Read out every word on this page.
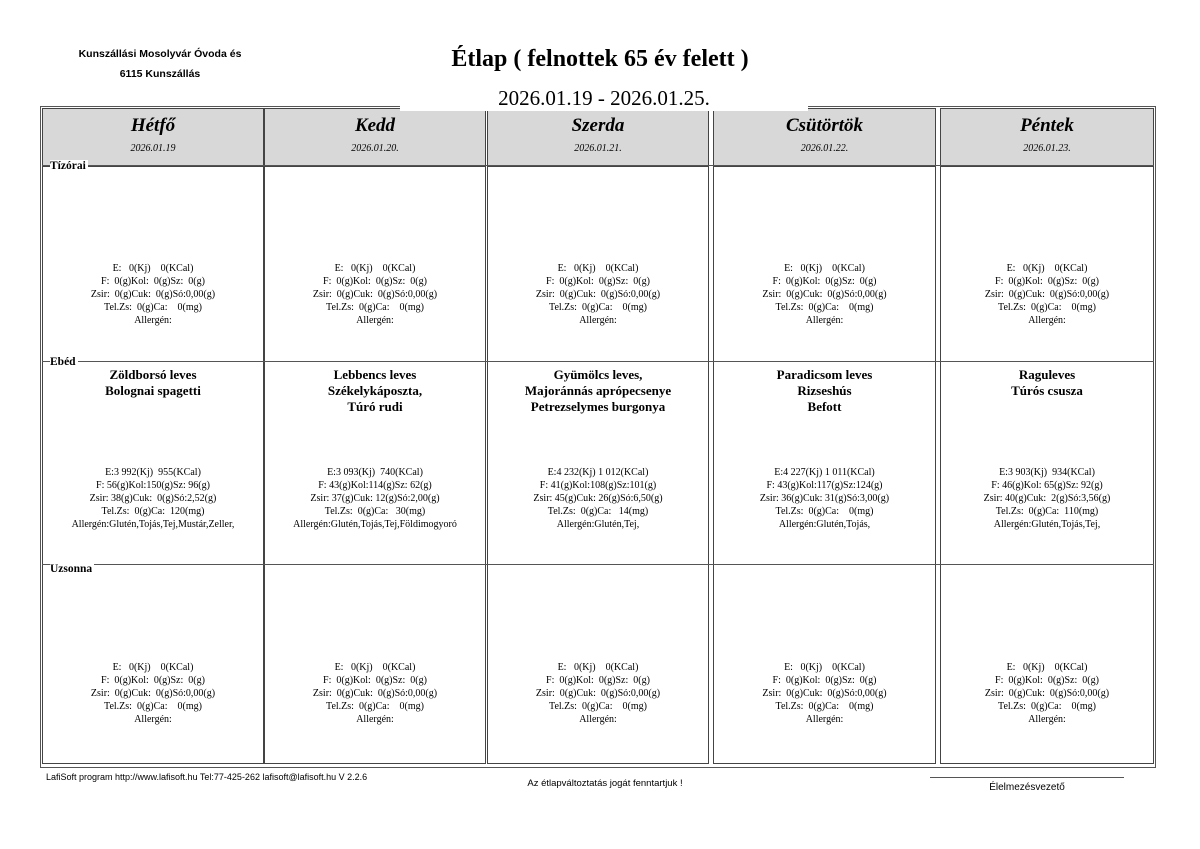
Kunszállási Mosolyvár Óvoda és
6115 Kunszállás
Étlap ( felnottek 65 év felett )
2026.01.19 - 2026.01.25.
Hétfő
2026.01.19
Kedd
2026.01.20.
Szerda
2026.01.21.
Csütörtök
2026.01.22.
Péntek
2026.01.23.
Tízórai
Ebéd
Uzsonna
LafiSoft program http://www.lafisoft.hu Tel:77-425-262 lafisoft@lafisoft.hu V 2.2.6
Az étlapváltoztatás jogát fenntartjuk !	Élelmezésvezető
E:   0(Kj)    0(KCal)
F:  0(g)Kol:  0(g)Sz:  0(g)
Zsir:  0(g)Cuk:  0(g)Só:0,00(g)
Tel.Zs:  0(g)Ca:    0(mg)
Allergén:
Zöldborsó leves
Bolognai spagetti
E:3 992(Kj)  955(KCal)
F: 56(g)Kol:150(g)Sz: 96(g)
Zsir: 38(g)Cuk:  0(g)Só:2,52(g)
Tel.Zs:  0(g)Ca:  120(mg)
Allergén:Glutén,Tojás,Tej,Mustár,Zeller,
E:   0(Kj)    0(KCal)
F:  0(g)Kol:  0(g)Sz:  0(g)
Zsir:  0(g)Cuk:  0(g)Só:0,00(g)
Tel.Zs:  0(g)Ca:    0(mg)
Allergén:
E:   0(Kj)    0(KCal)
F:  0(g)Kol:  0(g)Sz:  0(g)
Zsir:  0(g)Cuk:  0(g)Só:0,00(g)
Tel.Zs:  0(g)Ca:    0(mg)
Allergén:
Lebbencs leves
Székelykáposzta,
Túró rudi
E:3 093(Kj)  740(KCal)
F: 43(g)Kol:114(g)Sz: 62(g)
Zsir: 37(g)Cuk: 12(g)Só:2,00(g)
Tel.Zs:  0(g)Ca:   30(mg)
Allergén:Glutén,Tojás,Tej,Földimogyoró
E:   0(Kj)    0(KCal)
F:  0(g)Kol:  0(g)Sz:  0(g)
Zsir:  0(g)Cuk:  0(g)Só:0,00(g)
Tel.Zs:  0(g)Ca:    0(mg)
Allergén:
E:   0(Kj)    0(KCal)
F:  0(g)Kol:  0(g)Sz:  0(g)
Zsir:  0(g)Cuk:  0(g)Só:0,00(g)
Tel.Zs:  0(g)Ca:    0(mg)
Allergén:
Gyümölcs leves,
Majoránnás aprópecsenye
Petrezselymes burgonya
E:4 232(Kj) 1 012(KCal)
F: 41(g)Kol:108(g)Sz:101(g)
Zsir: 45(g)Cuk: 26(g)Só:6,50(g)
Tel.Zs:  0(g)Ca:   14(mg)
Allergén:Glutén,Tej,
E:   0(Kj)    0(KCal)
F:  0(g)Kol:  0(g)Sz:  0(g)
Zsir:  0(g)Cuk:  0(g)Só:0,00(g)
Tel.Zs:  0(g)Ca:    0(mg)
Allergén:
E:   0(Kj)    0(KCal)
F:  0(g)Kol:  0(g)Sz:  0(g)
Zsir:  0(g)Cuk:  0(g)Só:0,00(g)
Tel.Zs:  0(g)Ca:    0(mg)
Allergén:
Paradicsom leves
Rizseshús
Befott
E:4 227(Kj) 1 011(KCal)
F: 43(g)Kol:117(g)Sz:124(g)
Zsir: 36(g)Cuk: 31(g)Só:3,00(g)
Tel.Zs:  0(g)Ca:    0(mg)
Allergén:Glutén,Tojás,
E:   0(Kj)    0(KCal)
F:  0(g)Kol:  0(g)Sz:  0(g)
Zsir:  0(g)Cuk:  0(g)Só:0,00(g)
Tel.Zs:  0(g)Ca:    0(mg)
Allergén:
E:   0(Kj)    0(KCal)
F:  0(g)Kol:  0(g)Sz:  0(g)
Zsir:  0(g)Cuk:  0(g)Só:0,00(g)
Tel.Zs:  0(g)Ca:    0(mg)
Allergén:
Raguleves
Túrós csusza
E:3 903(Kj)  934(KCal)
F: 46(g)Kol: 65(g)Sz: 92(g)
Zsir: 40(g)Cuk:  2(g)Só:3,56(g)
Tel.Zs:  0(g)Ca:  110(mg)
Allergén:Glutén,Tojás,Tej,
E:   0(Kj)    0(KCal)
F:  0(g)Kol:  0(g)Sz:  0(g)
Zsir:  0(g)Cuk:  0(g)Só:0,00(g)
Tel.Zs:  0(g)Ca:    0(mg)
Allergén:
